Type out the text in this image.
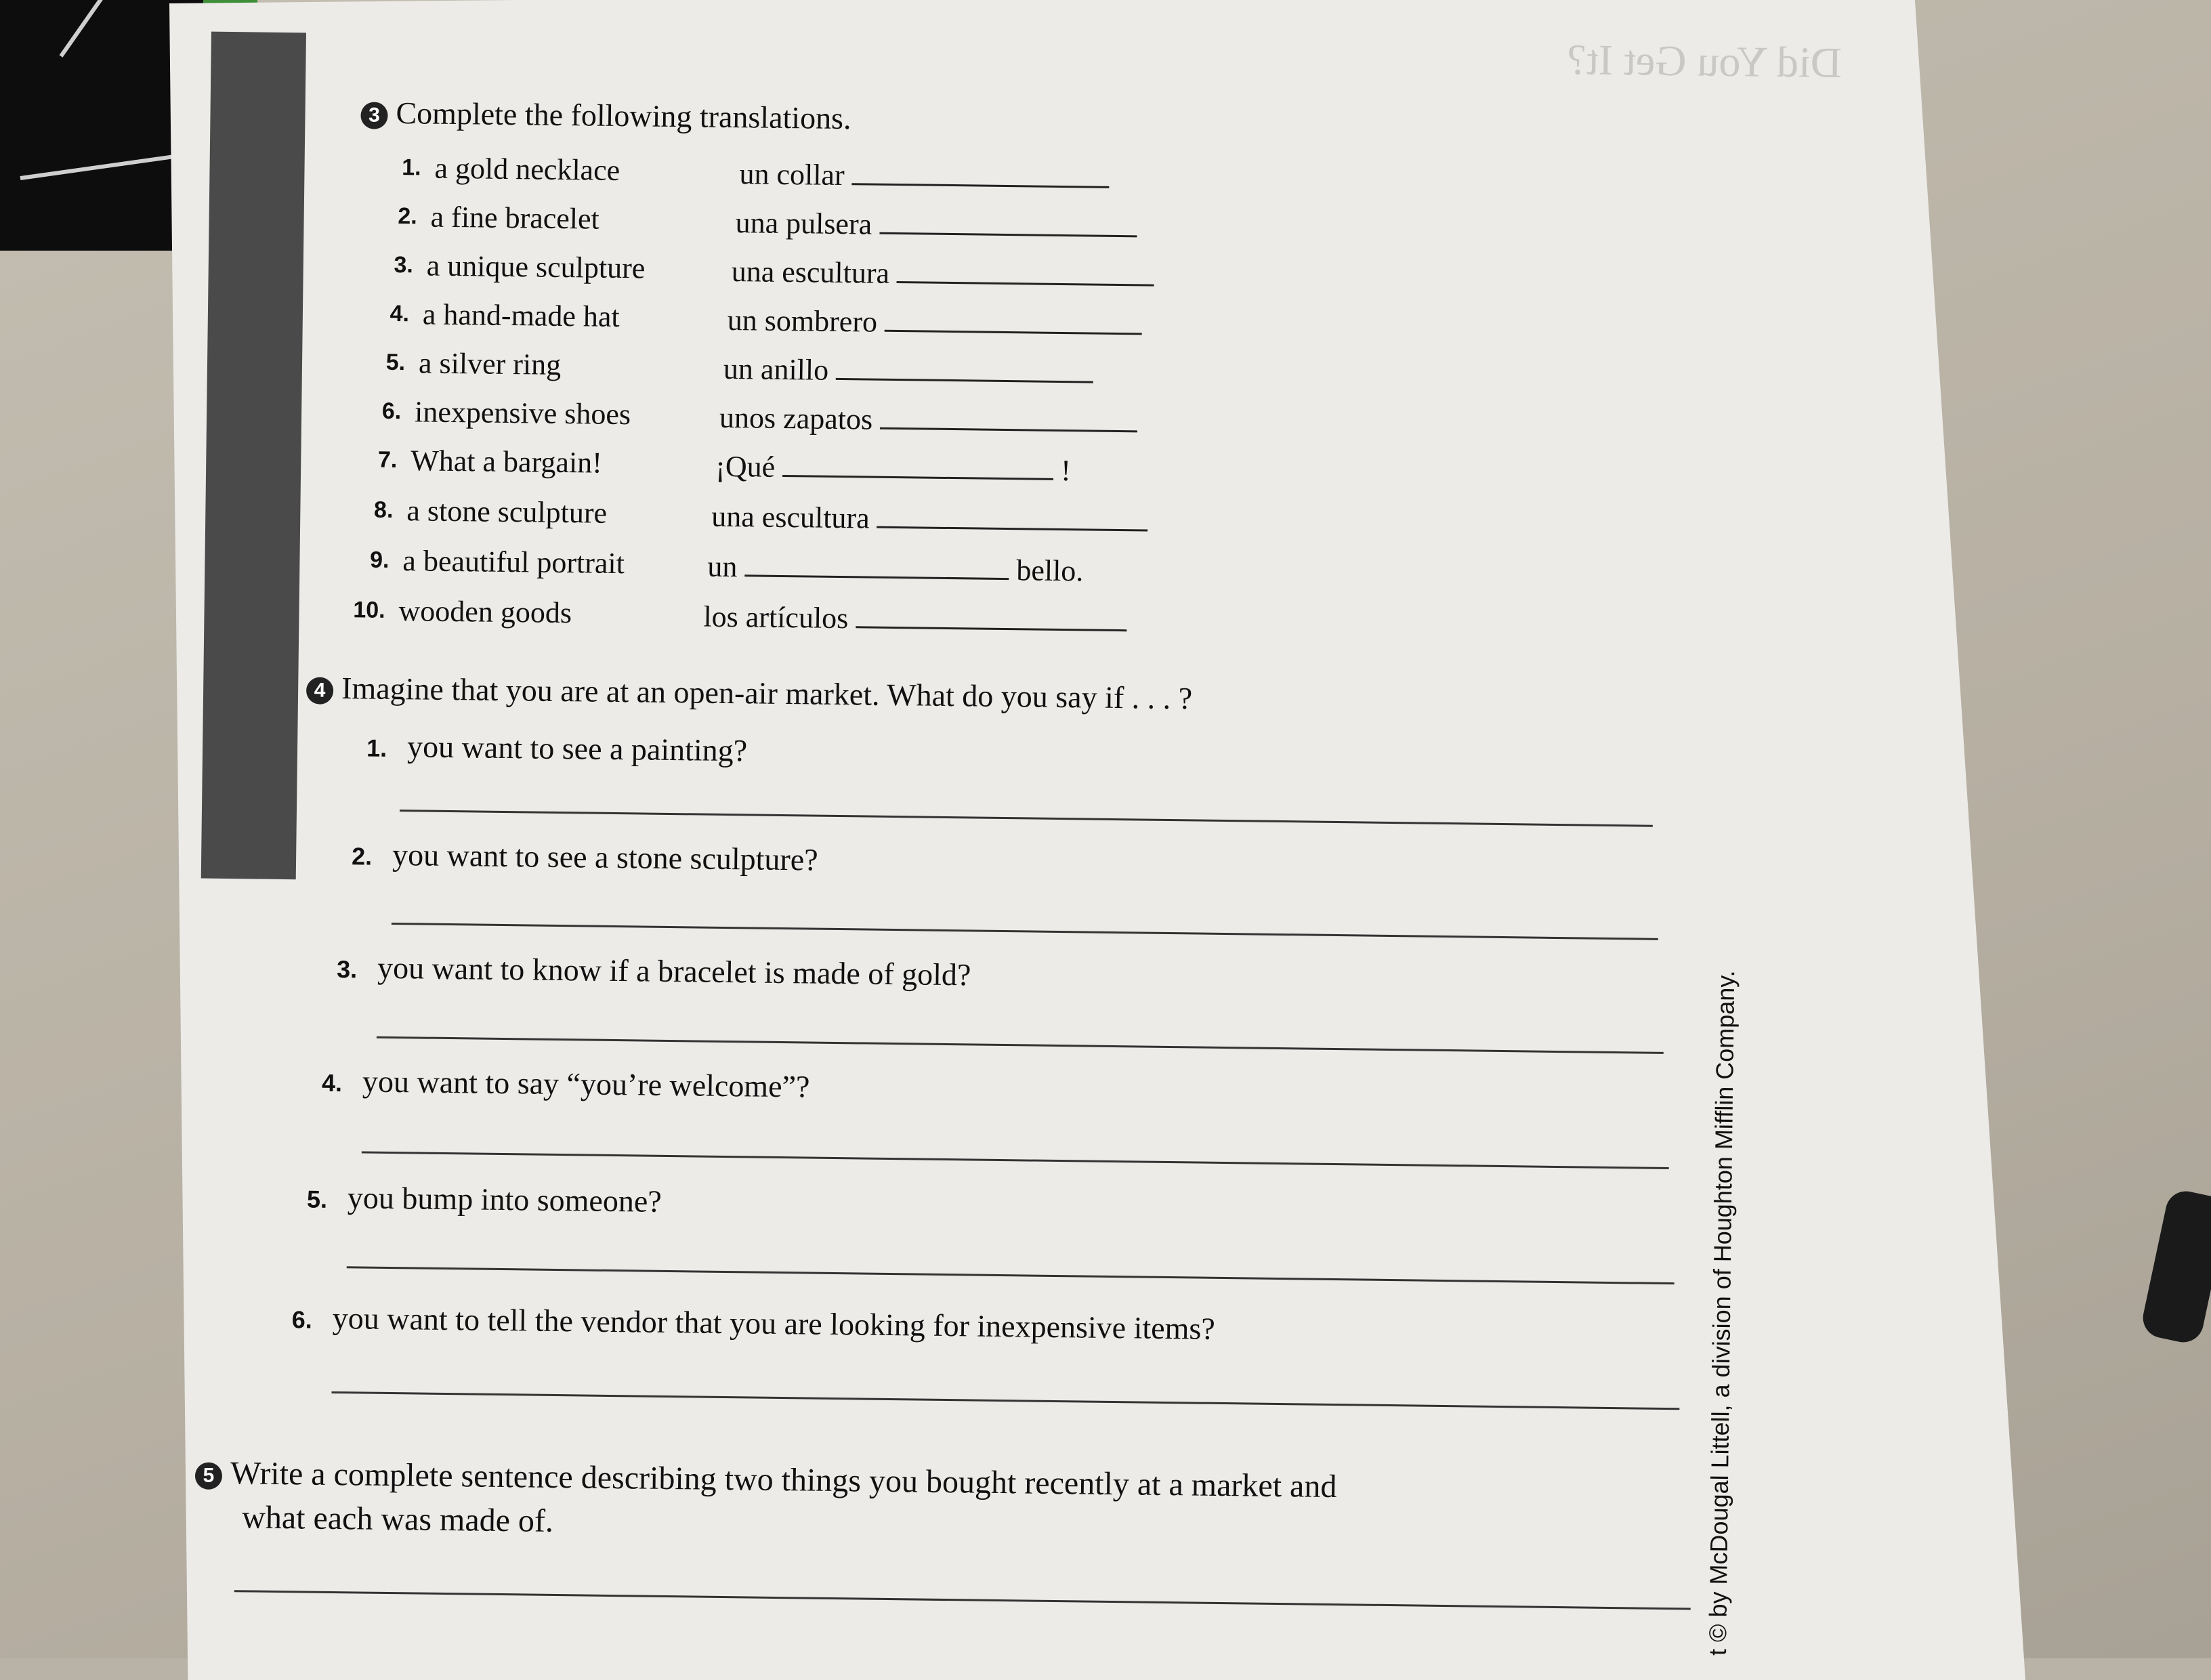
Did You Get It?
3 Complete the following translations.
1. a gold necklace	un collar
2. a fine bracelet	una pulsera
3. a unique sculpture	una escultura
4. a hand-made hat	un sombrero
5. a silver ring	un anillo
6. inexpensive shoes	unos zapatos
7. What a bargain!	¡Qué	!
8. a stone sculpture	una escultura
9. a beautiful portrait	un	bello.
10. wooden goods	los artículos
4 Imagine that you are at an open-air market. What do you say if . . . ?
1. you want to see a painting?
2. you want to see a stone sculpture?
3. you want to know if a bracelet is made of gold?
4. you want to say “you’re welcome”?
5. you bump into someone?
6. you want to tell the vendor that you are looking for inexpensive items?
5 Write a complete sentence describing two things you bought recently at a market and
what each was made of.	t © by McDougal Littell, a division of Houghton Mifflin Company.
